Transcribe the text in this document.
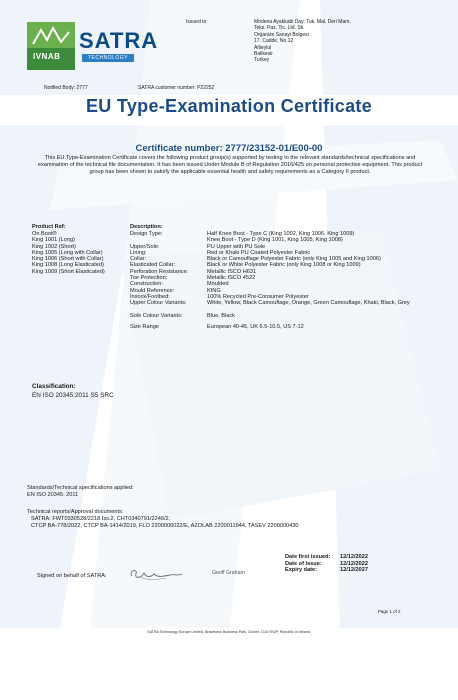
IVNAB
SATRA
TECHNOLOGY
Issued to:	Modena Ayakkabi Day. Tuk. Mal. Deri Mam.
Teks. Paz. Tic. Ltd. Sti.
Organize Sanayi Bolgesi
17. Cadde, No.12
Altieylul
Balikesir
Turkey
Notified Body: 2777	SATRA customer number: P22252
EU Type-Examination Certificate
Certificate number: 2777/23152-01/E00-00
This EU Type-Examination Certificate covers the following product group(s) supported by testing to the relevant standards/technical specifications and examination of the technical file documentation. It has been issued Under Module B of Regulation 2016/425 on personal protective equipment. This product group has been shown to satisfy the applicable essential health and safety requirements as a Category II product.
Product Ref:
On Boot®
King 1001 (Long)
King 1002 (Short)
King 1005 (Long with Collar)
King 1006 (Short with Collar)
King 1008 (Long Elasticated)
King 1009 (Short Elasticated)
Description:
Design Type:	Half Knee Boot - Type C (King 1002, King 1006, King 1009)
Knee Boot - Type D (King 1001, King 1005, King 1008)
Upper/Sole:	PU Upper with PU Sole
Lining:	Red or Khaki PU Coated Polyester Fabric
Collar:	Black or Camouflage Polyester Fabric (only King 1005 and King 1006)
Elasticated Collar:	Black or White Polyester Fabric (only King 1008 or King 1009)
Perforation Resistance:	Metallic ISCO H631
Toe Protection:	Metallic ISCO 4522
Construction:	Moulded
Mould Reference:	KING
Insock/Footbed:	100% Recycled Pre-Consumer Polyester
Upper Colour Variants:	White, Yellow, Black Camouflage, Orange, Green Camouflage, Khaki, Black, Grey
Sole Colour Variants:	Blue, Black
Size Range	European 40-45, UK 6.5-10.5, US 7-12
Classification:
EN ISO 20345:2011 S5 SRC
Standards/Technical specifications applied:
EN ISO 20345: 2011
Technical reports/Approval documents:
SATRA: FWT0330528/2218 Iss.2, CHT0340791/2246/2,
CTCP BA-778/2022, CTCP BA-1414/2019, FLO 2200006022/E, AZOLAB 2200011944, TASEV 2200000430
Date first issued: 12/12/2022
Date of issue:	12/12/2022
Expiry date:	12/12/2027
Signed on behalf of SATRA:	Geoff Graham
Page 1 of 2
SATRA Technology Europe Limited, Bracetown Business Park, Clonee, D15 YN2P, Republic of Ireland.
